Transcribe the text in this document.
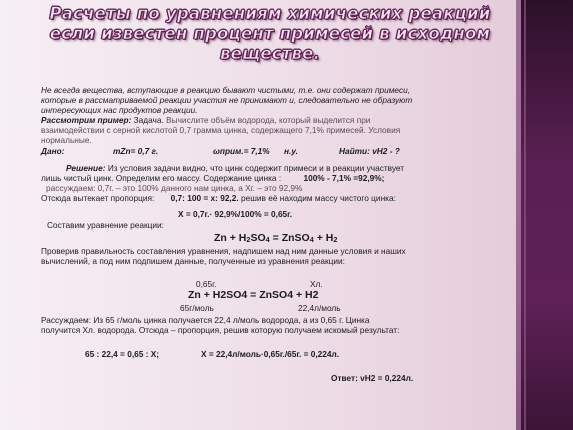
Расчеты по уравнениям химических реакций
если известен процент примесей в исходном
веществе.
Не всегда вещества, вступающие в реакцию бывают чистыми, т.е. они содержат примеси,
которые в рассматриваемой реакции участия не принимают и, следовательно не образуют
интересующих нас продуктов реакции.
Рассмотрим пример: Задача. Вычислите объём водорода, который выделится при
взаимодействии с серной кислотой 0,7 грамма цинка, содержащего 7,1% примесей. Условия
нормальные.
Дано:	mZn= 0,7 г.	ωприм.= 7,1% н.у.	Найти: vH2 - ?
Решение: Из условия задачи видно, что цинк содержит примеси и в реакции участвует
лишь чистый цинк. Определим его массу. Содержание цинка :	100% - 7,1% =92,9%;
рассуждаем: 0,7г. – это 100% данного нам цинка, а Хг. – это 92,9%
Отсюда вытекает пропорция: 0,7: 100 = х: 92,2. решив её находим массу чистого цинка:
Х = 0,7г.· 92,9%/100% = 0,65г.
Составим уравнение реакции:
$Zn + H_2SO_4$ = ZnSO$_4$ + $H_2$
Проверив правильность составления уравнения, надпишем над ним данные условия и наших
вычислений, а под ним подпишем данные, полученные из уравнения реакции:
0,65г.	Хл.
Zn + H2SO4 = ZnSO4 + H2
65г/моль	22,4л/моль
Рассуждаем: Из 65 г/моль цинка получается 22,4 л/моль водорода, а из 0,65 г. Цинка
получится Хл. водорода. Отсюда – пропорция, решив которую получаем искомый результат:
65 : 22,4 = 0,65 : Х;	Х = 22,4л/моль·0,65г./65г. = 0,224л.
Ответ: vH2 = 0,224л.
